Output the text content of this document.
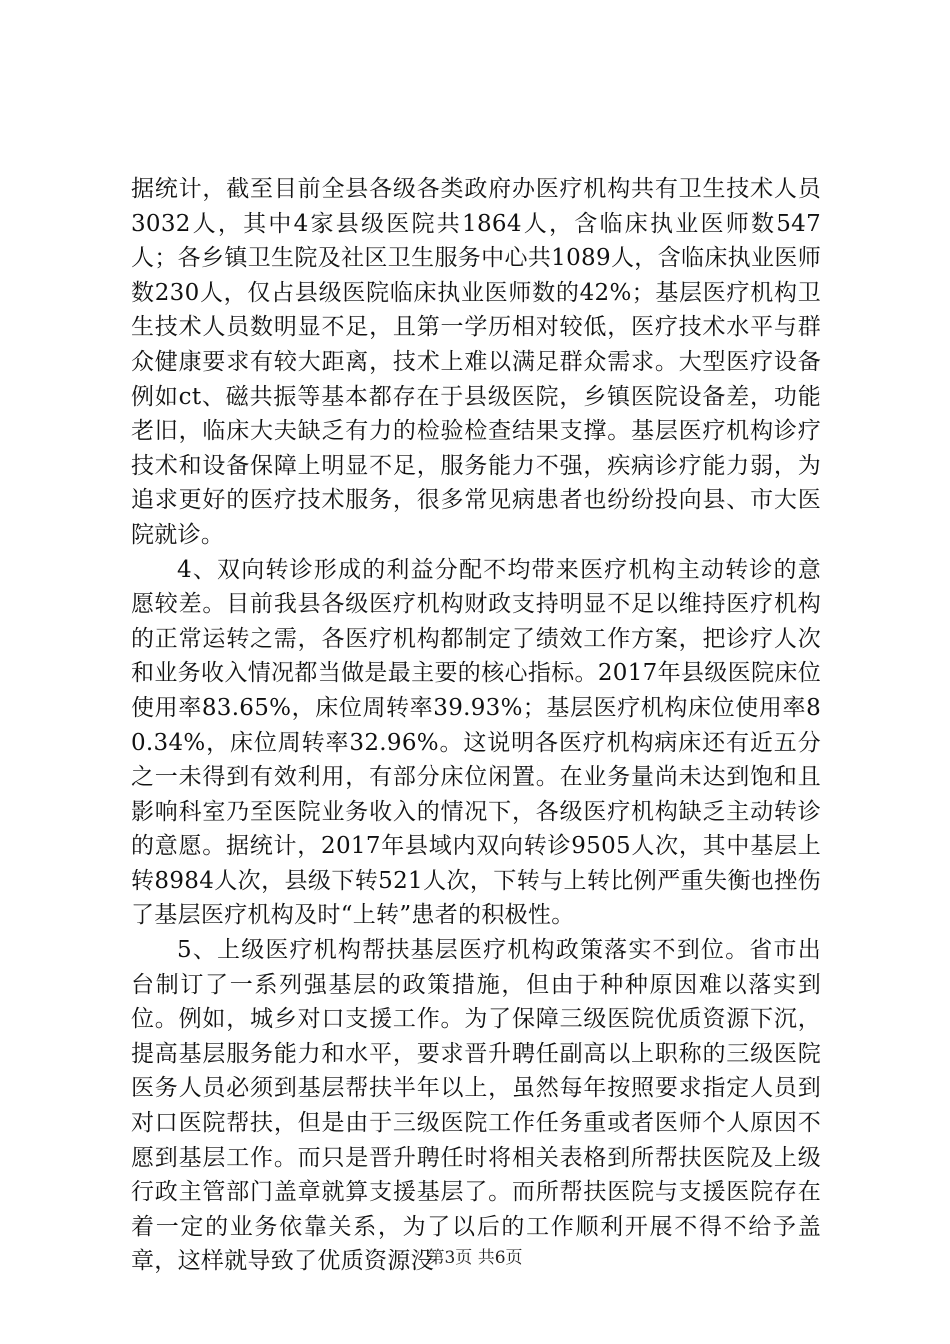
据统计，截至目前全县各级各类政府办医疗机构共有卫生技术人员3032人，其中4家县级医院共1864人，含临床执业医师数547人；各乡镇卫生院及社区卫生服务中心共1089人，含临床执业医师数230人，仅占县级医院临床执业医师数的42%；基层医疗机构卫生技术人员数明显不足，且第一学历相对较低，医疗技术水平与群众健康要求有较大距离，技术上难以满足群众需求。大型医疗设备例如ct、磁共振等基本都存在于县级医院，乡镇医院设备差，功能老旧，临床大夫缺乏有力的检验检查结果支撑。基层医疗机构诊疗技术和设备保障上明显不足，服务能力不强，疾病诊疗能力弱，为追求更好的医疗技术服务，很多常见病患者也纷纷投向县、市大医院就诊。

4、双向转诊形成的利益分配不均带来医疗机构主动转诊的意愿较差。目前我县各级医疗机构财政支持明显不足以维持医疗机构的正常运转之需，各医疗机构都制定了绩效工作方案，把诊疗人次和业务收入情况都当做是最主要的核心指标。2017年县级医院床位使用率83.65%，床位周转率39.93%；基层医疗机构床位使用率80.34%，床位周转率32.96%。这说明各医疗机构病床还有近五分之一未得到有效利用，有部分床位闲置。在业务量尚未达到饱和且影响科室乃至医院业务收入的情况下，各级医疗机构缺乏主动转诊的意愿。据统计，2017年县域内双向转诊9505人次，其中基层上转8984人次，县级下转521人次，下转与上转比例严重失衡也挫伤了基层医疗机构及时“上转”患者的积极性。

5、上级医疗机构帮扶基层医疗机构政策落实不到位。省市出台制订了一系列强基层的政策措施，但由于种种原因难以落实到位。例如，城乡对口支援工作。为了保障三级医院优质资源下沉，提高基层服务能力和水平，要求晋升聘任副高以上职称的三级医院医务人员必须到基层帮扶半年以上，虽然每年按照要求指定人员到对口医院帮扶，但是由于三级医院工作任务重或者医师个人原因不愿到基层工作。而只是晋升聘任时将相关表格到所帮扶医院及上级行政主管部门盖章就算支援基层了。而所帮扶医院与支援医院存在着一定的业务依靠关系，为了以后的工作顺利开展不得不给予盖章，这样就导致了优质资源没

第3页 共6页
